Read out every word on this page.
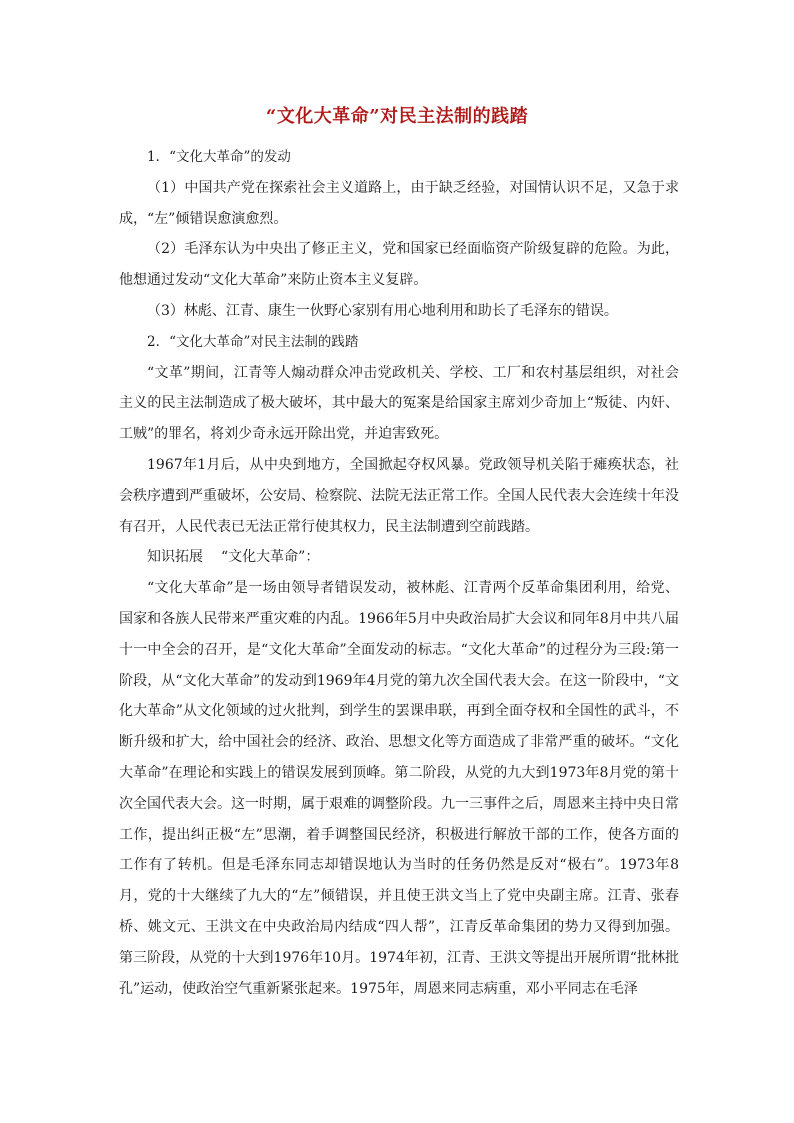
“文化大革命”对民主法制的践踏

1．“文化大革命”的发动

（1）中国共产党在探索社会主义道路上，由于缺乏经验，对国情认识不足，又急于求成，“左”倾错误愈演愈烈。

（2）毛泽东认为中央出了修正主义，党和国家已经面临资产阶级复辟的危险。为此，他想通过发动“文化大革命”来防止资本主义复辟。

（3）林彪、江青、康生一伙野心家别有用心地利用和助长了毛泽东的错误。

2．“文化大革命”对民主法制的践踏

“文革”期间，江青等人煽动群众冲击党政机关、学校、工厂和农村基层组织，对社会主义的民主法制造成了极大破坏，其中最大的冤案是给国家主席刘少奇加上“叛徒、内奸、工贼”的罪名，将刘少奇永远开除出党，并迫害致死。

1967年1月后，从中央到地方，全国掀起夺权风暴。党政领导机关陷于瘫痪状态，社会秩序遭到严重破坏，公安局、检察院、法院无法正常工作。全国人民代表大会连续十年没有召开，人民代表已无法正常行使其权力，民主法制遭到空前践踏。

知识拓展 “文化大革命”：

“文化大革命”是一场由领导者错误发动，被林彪、江青两个反革命集团利用，给党、国家和各族人民带来严重灾难的内乱。1966年5月中央政治局扩大会议和同年8月中共八届十一中全会的召开，是“文化大革命”全面发动的标志。“文化大革命”的过程分为三段:第一阶段，从“文化大革命”的发动到1969年4月党的第九次全国代表大会。在这一阶段中，“文化大革命”从文化领域的过火批判，到学生的罢课串联，再到全面夺权和全国性的武斗，不断升级和扩大，给中国社会的经济、政治、思想文化等方面造成了非常严重的破坏。“文化大革命”在理论和实践上的错误发展到顶峰。第二阶段，从党的九大到1973年8月党的第十次全国代表大会。这一时期，属于艰难的调整阶段。九一三事件之后，周恩来主持中央日常工作，提出纠正极“左”思潮，着手调整国民经济，积极进行解放干部的工作，使各方面的工作有了转机。但是毛泽东同志却错误地认为当时的任务仍然是反对“极右”。1973年8月，党的十大继续了九大的“左”倾错误，并且使王洪文当上了党中央副主席。江青、张春桥、姚文元、王洪文在中央政治局内结成“四人帮”，江青反革命集团的势力又得到加强。第三阶段，从党的十大到1976年10月。1974年初，江青、王洪文等提出开展所谓“批林批孔”运动，使政治空气重新紧张起来。1975年，周恩来同志病重，邓小平同志在毛泽
